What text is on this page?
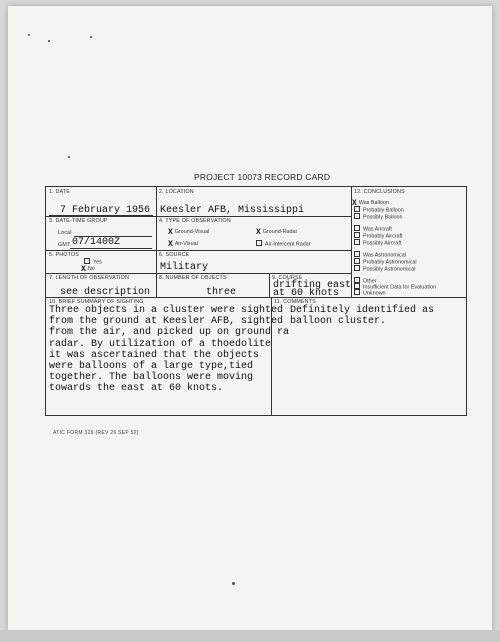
PROJECT 10073 RECORD CARD
1. DATE
7 February 1956
2. LOCATION
Keesler AFB, Mississippi
3. DATE-TIME GROUP
Local
GMT 07/1400Z
4. TYPE OF OBSERVATION
X Ground-Visual	X Ground-Radar
X Air-Visual	Air-Intercept Radar
5. PHOTOS
Yes
X No
6. SOURCE
Military
7. LENGTH OF OBSERVATION
see description
8. NUMBER OF OBJECTS
three
9. COURSE
drifting east
at 60 knots
12. CONCLUSIONS
X Was Balloon
Probably Balloon
Possibly Balloon
Was Aircraft
Probably Aircraft
Possibly Aircraft
Was Astronomical
Probably Astronomical
Possibly Astronomical
Other
Insufficient Data for Evaluation
Unknown
10. BRIEF SUMMARY OF SIGHTING
Three objects in a cluster were sighted
from the ground at Keesler AFB, sighted
from the air, and picked up on ground ra
radar. By utilization of a thoedolite
it was ascertained that the objects
were balloons of a large type,tied
together. The balloons were moving
towards the east at 60 knots.
11. COMMENTS
Definitely identified as
balloon cluster.
ATIC FORM 329 (REV 26 SEP 52)
